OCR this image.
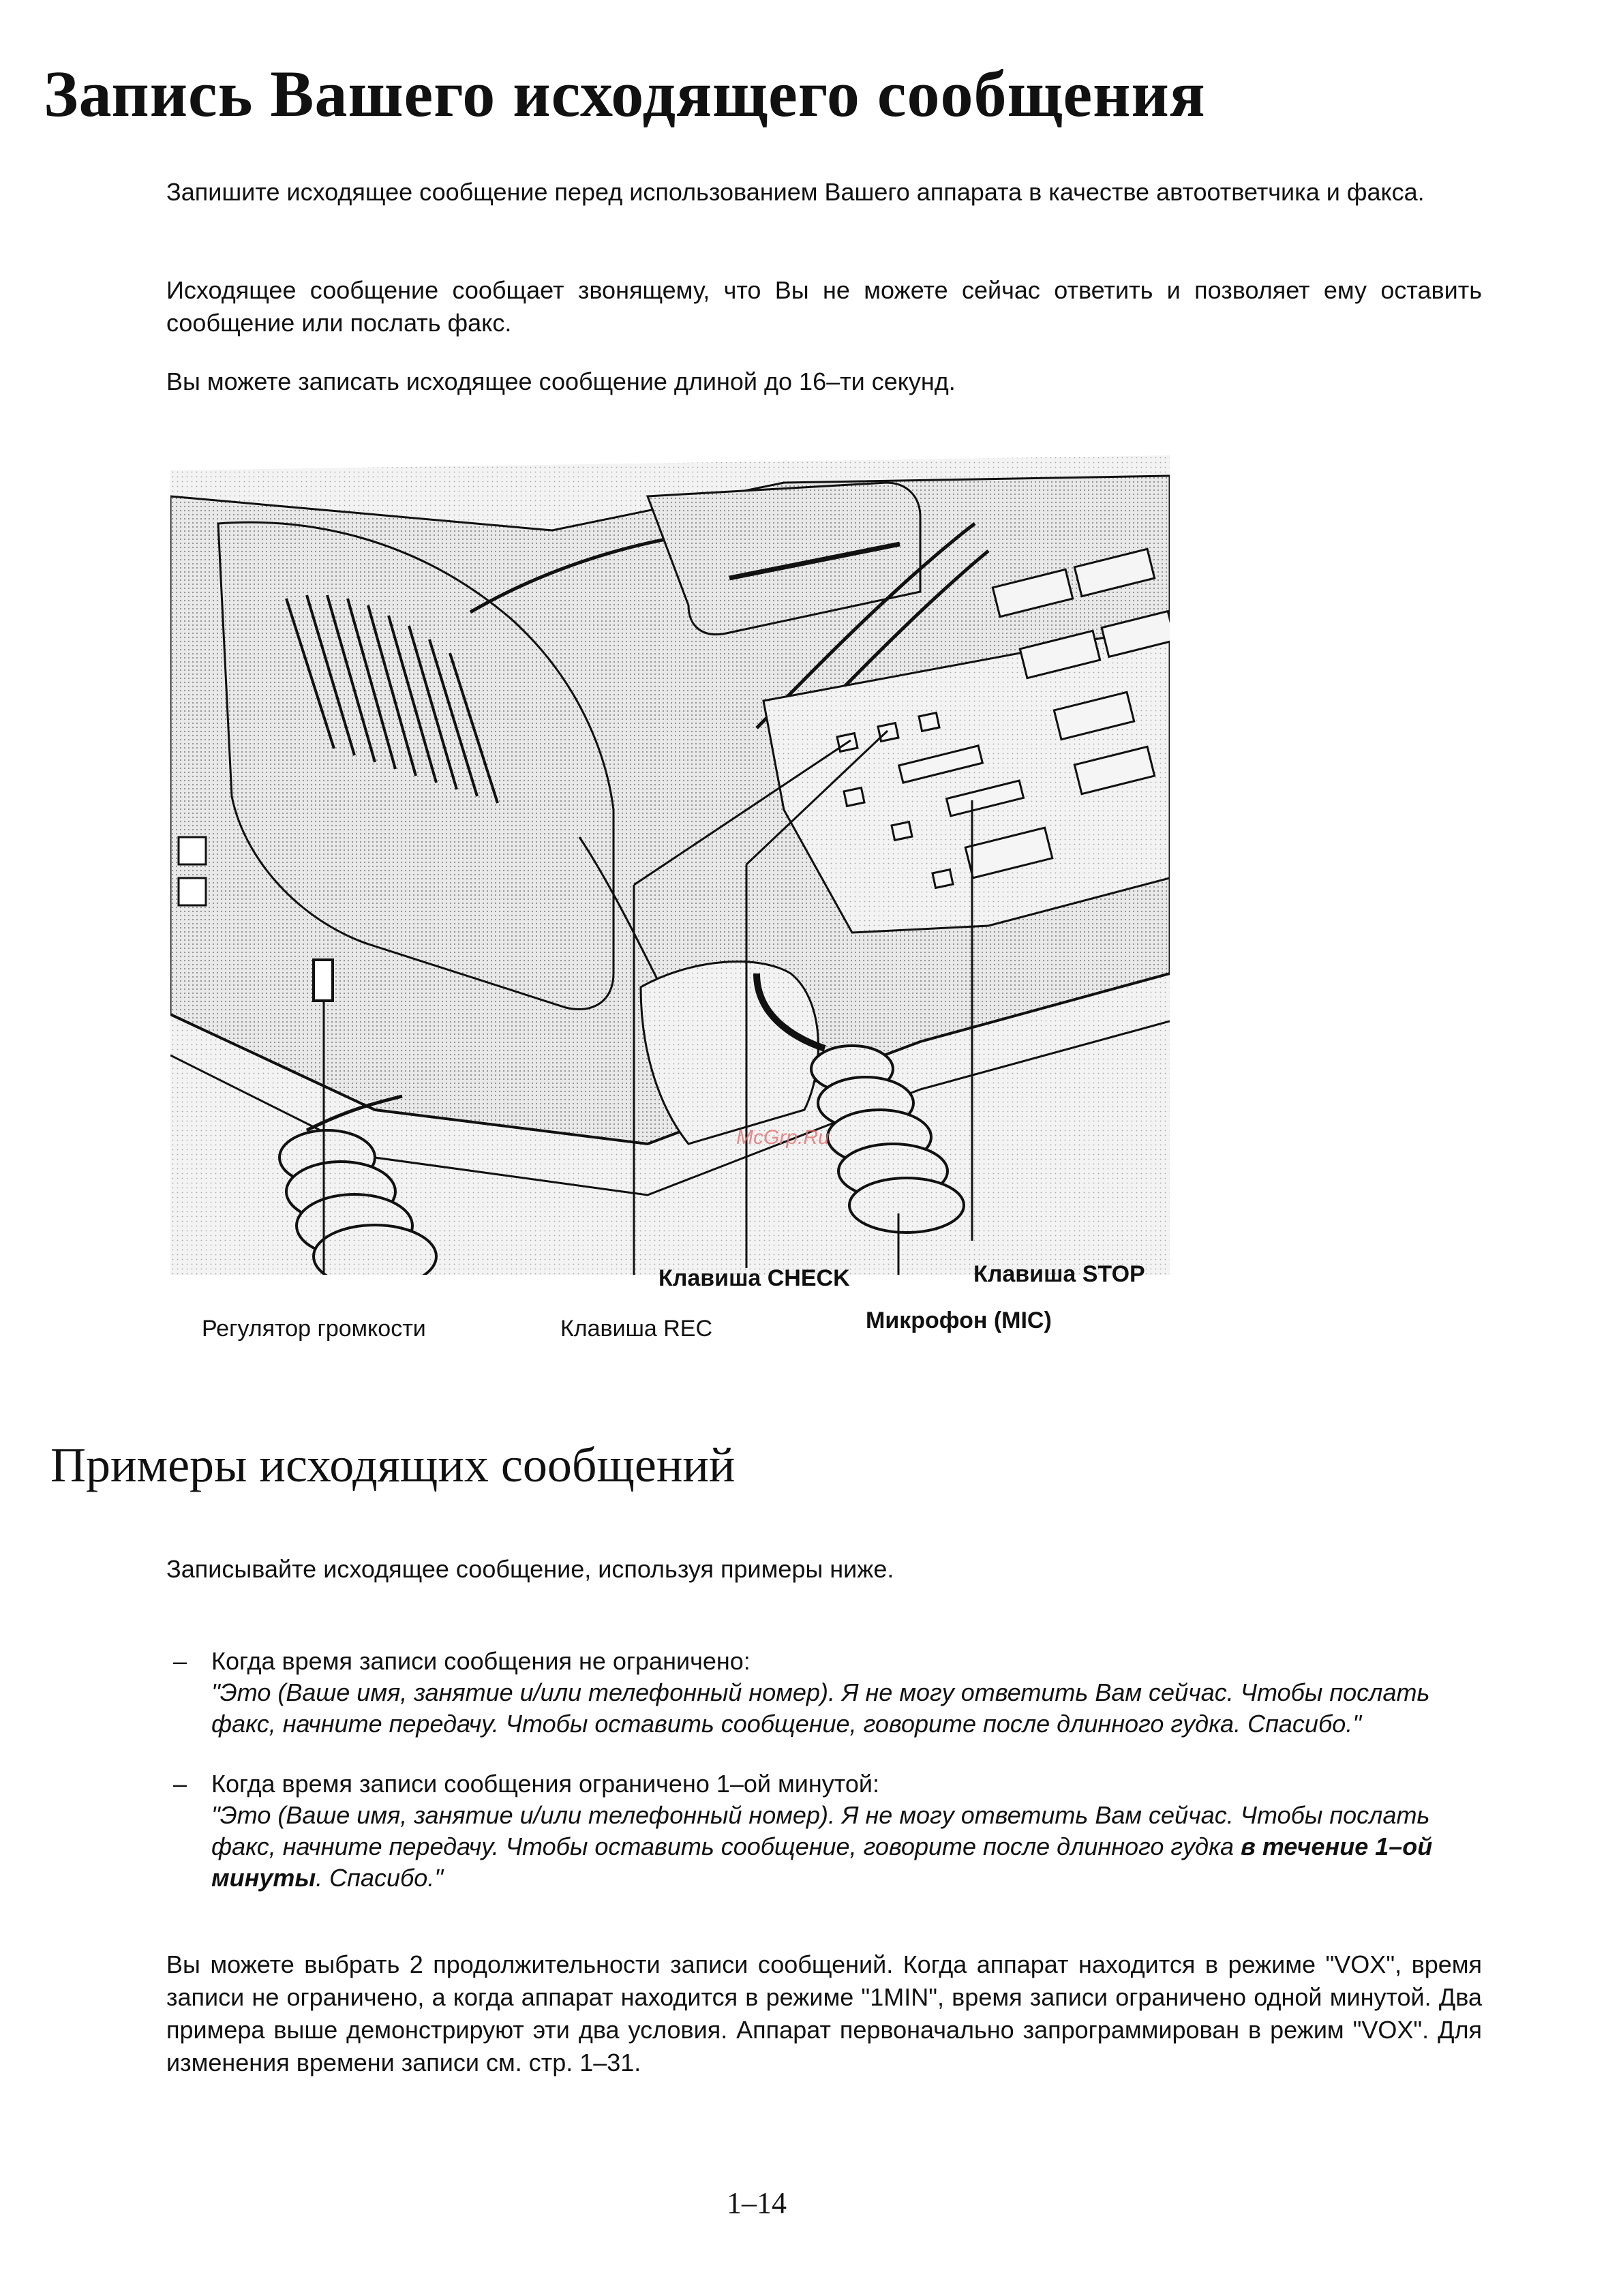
Запись Вашего исходящего сообщения

Запишите исходящее сообщение перед использованием Вашего аппарата в качестве автоответчика и факса.

Исходящее сообщение сообщает звонящему, что Вы не можете сейчас ответить и позволяет ему оставить сообщение или послать факс.

Вы можете записать исходящее сообщение длиной до 16–ти секунд.

McGrp.Ru
Регулятор громкости	Клавиша REC
Клавиша CHECK
Микрофон (MIC)
Клавиша STOP
Примеры исходящих сообщений

Записывайте исходящее сообщение, используя примеры ниже.

– Когда время записи сообщения не ограничено:
"Это (Ваше имя, занятие и/или телефонный номер). Я не могу ответить Вам сейчас. Чтобы послать факс, начните передачу. Чтобы оставить сообщение, говорите после длинного гудка. Спасибо."
– Когда время записи сообщения ограничено 1–ой минутой:
"Это (Ваше имя, занятие и/или телефонный номер). Я не могу ответить Вам сейчас. Чтобы послать факс, начните передачу. Чтобы оставить сообщение, говорите после длинного гудка в течение 1–ой минуты. Спасибо."

Вы можете выбрать 2 продолжительности записи сообщений. Когда аппарат находится в режиме "VOX", время записи не ограничено, а когда аппарат находится в режиме "1MIN", время записи ограничено одной минутой. Два примера выше демонстрируют эти два условия. Аппарат первоначально запрограммирован в режим "VOX". Для изменения времени записи см. стр. 1–31.

1–14
